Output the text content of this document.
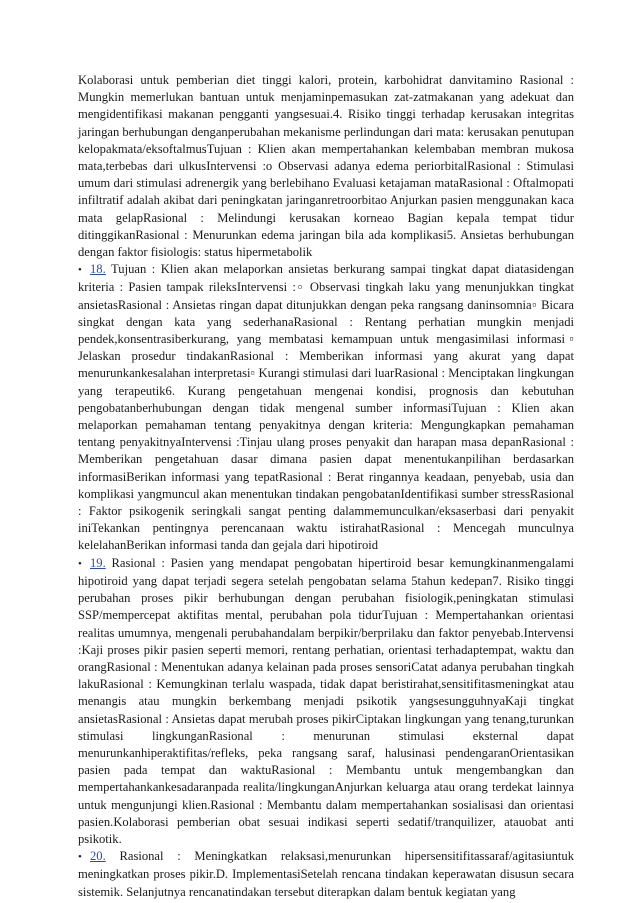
Kolaborasi untuk pemberian diet tinggi kalori, protein, karbohidrat danvitamino Rasional : Mungkin memerlukan bantuan untuk menjaminpemasukan zat-zatmakanan yang adekuat dan mengidentifikasi makanan pengganti yangsesuai.4. Risiko tinggi terhadap kerusakan integritas jaringan berhubungan denganperubahan mekanisme perlindungan dari mata: kerusakan penutupan kelopakmata/eksoftalmusTujuan : Klien akan mempertahankan kelembaban membran mukosa mata,terbebas dari ulkusIntervensi :o Observasi adanya edema periorbitalRasional : Stimulasi umum dari stimulasi adrenergik yang berlebihano Evaluasi ketajaman mataRasional : Oftalmopati infiltratif adalah akibat dari peningkatan jaringanretroorbitao Anjurkan pasien menggunakan kaca mata gelapRasional : Melindungi kerusakan korneao Bagian kepala tempat tidur ditinggikanRasional : Menurunkan edema jaringan bila ada komplikasi5. Ansietas berhubungan dengan faktor fisiologis: status hipermetabolik

• 18. Tujuan : Klien akan melaporkan ansietas berkurang sampai tingkat dapat diatasidengan kriteria : Pasien tampak rileksIntervensi :▫ Observasi tingkah laku yang menunjukkan tingkat ansietasRasional : Ansietas ringan dapat ditunjukkan dengan peka rangsang daninsomnia▫ Bicara singkat dengan kata yang sederhanaRasional : Rentang perhatian mungkin menjadi pendek,konsentrasiberkurang, yang membatasi kemampuan untuk mengasimilasi informasi▫ Jelaskan prosedur tindakanRasional : Memberikan informasi yang akurat yang dapat menurunkankesalahan interpretasi▫ Kurangi stimulasi dari luarRasional : Menciptakan lingkungan yang terapeutik6. Kurang pengetahuan mengenai kondisi, prognosis dan kebutuhan pengobatanberhubungan dengan tidak mengenal sumber informasiTujuan : Klien akan melaporkan pemahaman tentang penyakitnya dengan kriteria: Mengungkapkan pemahaman tentang penyakitnyaIntervensi :Tinjau ulang proses penyakit dan harapan masa depanRasional : Memberikan pengetahuan dasar dimana pasien dapat menentukanpilihan berdasarkan informasiBerikan informasi yang tepatRasional : Berat ringannya keadaan, penyebab, usia dan komplikasi yangmuncul akan menentukan tindakan pengobatanIdentifikasi sumber stressRasional : Faktor psikogenik seringkali sangat penting dalammemunculkan/eksaserbasi dari penyakit iniTekankan pentingnya perencanaan waktu istirahatRasional : Mencegah munculnya kelelahanBerikan informasi tanda dan gejala dari hipotiroid

• 19. Rasional : Pasien yang mendapat pengobatan hipertiroid besar kemungkinanmengalami hipotiroid yang dapat terjadi segera setelah pengobatan selama 5tahun kedepan7. Risiko tinggi perubahan proses pikir berhubungan dengan perubahan fisiologik,peningkatan stimulasi SSP/mempercepat aktifitas mental, perubahan pola tidurTujuan : Mempertahankan orientasi realitas umumnya, mengenali perubahandalam berpikir/berprilaku dan faktor penyebab.Intervensi :Kaji proses pikir pasien seperti memori, rentang perhatian, orientasi terhadaptempat, waktu dan orangRasional : Menentukan adanya kelainan pada proses sensoriCatat adanya perubahan tingkah lakuRasional : Kemungkinan terlalu waspada, tidak dapat beristirahat,sensitifitasmeningkat atau menangis atau mungkin berkembang menjadi psikotik yangsesungguhnyaKaji tingkat ansietasRasional : Ansietas dapat merubah proses pikirCiptakan lingkungan yang tenang,turunkan stimulasi lingkunganRasional : menurunan stimulasi eksternal dapat menurunkanhiperaktifitas/refleks, peka rangsang saraf, halusinasi pendengaranOrientasikan pasien pada tempat dan waktuRasional : Membantu untuk mengembangkan dan mempertahankankesadaranpada realita/lingkunganAnjurkan keluarga atau orang terdekat lainnya untuk mengunjungi klien.Rasional : Membantu dalam mempertahankan sosialisasi dan orientasi pasien.Kolaborasi pemberian obat sesuai indikasi seperti sedatif/tranquilizer, atauobat anti psikotik.

• 20. Rasional : Meningkatkan relaksasi,menurunkan hipersensitifitassaraf/agitasiuntuk meningkatkan proses pikir.D. ImplementasiSetelah rencana tindakan keperawatan disusun secara sistemik. Selanjutnya rencanatindakan tersebut diterapkan dalam bentuk kegiatan yang
